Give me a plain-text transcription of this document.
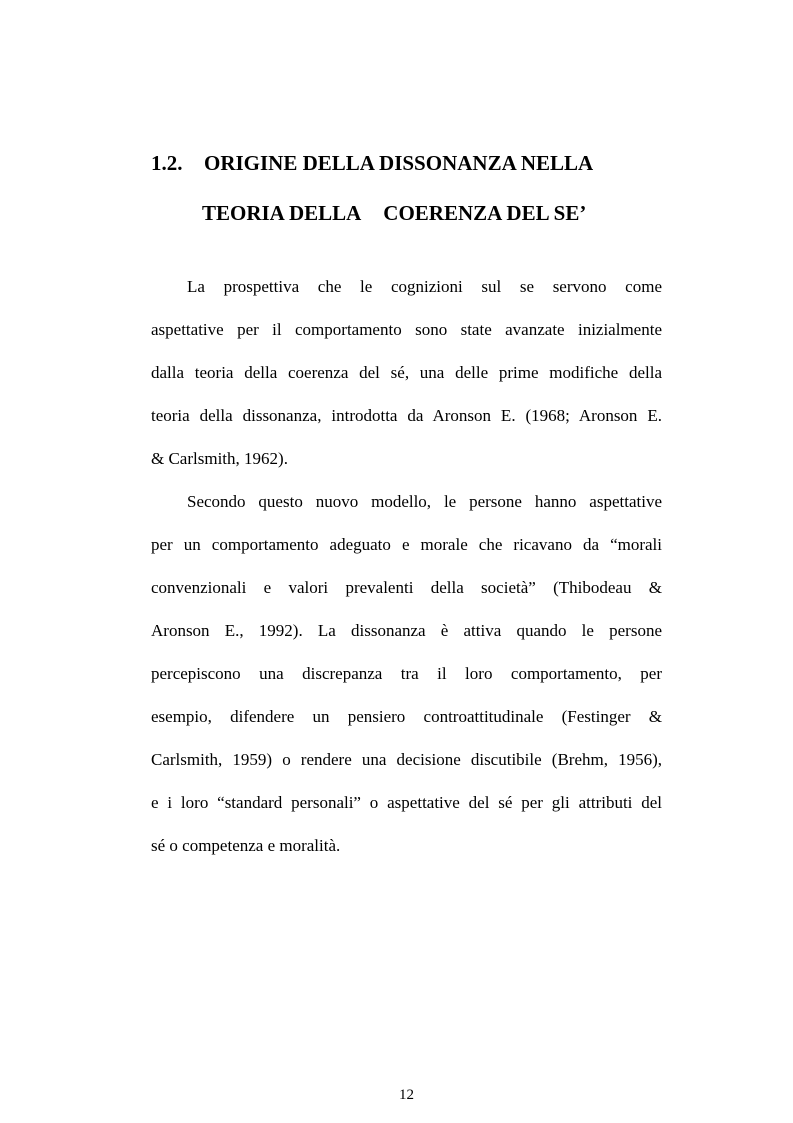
1.2. ORIGINE DELLA DISSONANZA NELLA
TEORIA DELLA COERENZA DEL SE’
La prospettiva che le cognizioni sul se servono come
aspettative per il comportamento sono state avanzate inizialmente
dalla teoria della coerenza del sé, una delle prime modifiche della
teoria della dissonanza, introdotta da Aronson E. (1968; Aronson E.
& Carlsmith, 1962).
Secondo questo nuovo modello, le persone hanno aspettative
per un comportamento adeguato e morale che ricavano da “morali
convenzionali e valori prevalenti della società” (Thibodeau &
Aronson E., 1992). La dissonanza è attiva quando le persone
percepiscono una discrepanza tra il loro comportamento, per
esempio, difendere un pensiero controattitudinale (Festinger &
Carlsmith, 1959) o rendere una decisione discutibile (Brehm, 1956),
e i loro “standard personali” o aspettative del sé per gli attributi del
sé o competenza e moralità.
12
